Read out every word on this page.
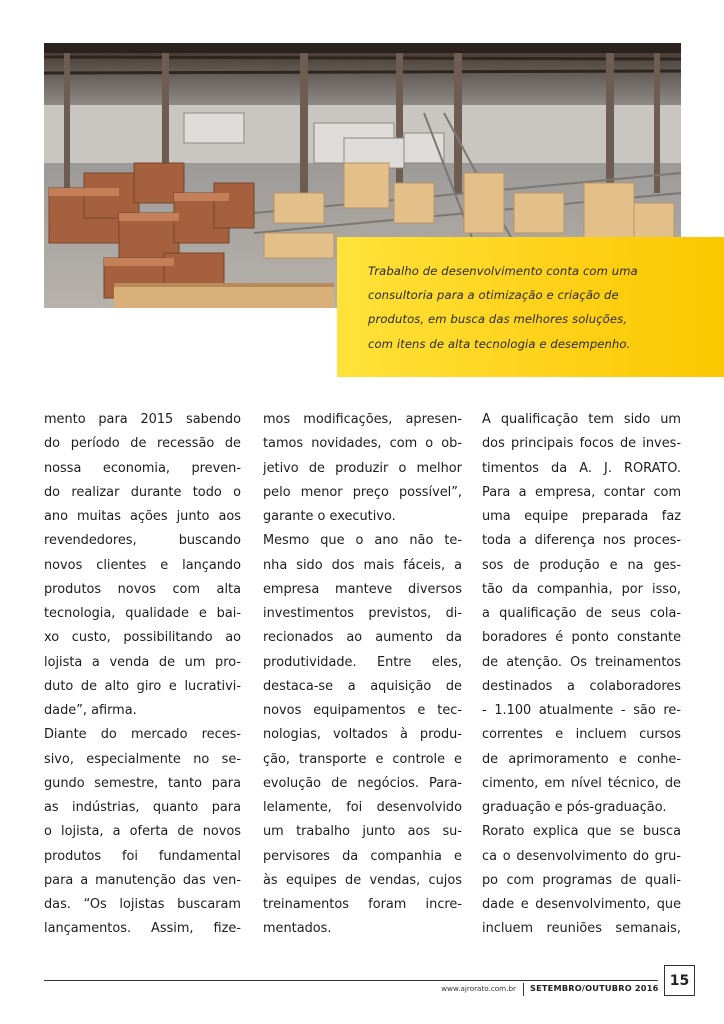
Trabalho de desenvolvimento conta com uma
consultoria para a otimização e criação de
produtos, em busca das melhores soluções,
com itens de alta tecnologia e desempenho.

mento para 2015 sabendo
do período de recessão de
nossa economia, preven-
do realizar durante todo o
ano muitas ações junto aos
revendedores, buscando
novos clientes e lançando
produtos novos com alta
tecnologia, qualidade e bai-
xo custo, possibilitando ao
lojista a venda de um pro-
duto de alto giro e lucrativi-
dade”, afirma.
Diante do mercado reces-
sivo, especialmente no se-
gundo semestre, tanto para
as indústrias, quanto para
o lojista, a oferta de novos
produtos foi fundamental
para a manutenção das ven-
das. “Os lojistas buscaram
lançamentos. Assim, fize-
mos modificações, apresen-
tamos novidades, com o ob-
jetivo de produzir o melhor
pelo menor preço possível”,
garante o executivo.
Mesmo que o ano não te-
nha sido dos mais fáceis, a
empresa manteve diversos
investimentos previstos, di-
recionados ao aumento da
produtividade. Entre eles,
destaca-se a aquisição de
novos equipamentos e tec-
nologias, voltados à produ-
ção, transporte e controle e
evolução de negócios. Para-
lelamente, foi desenvolvido
um trabalho junto aos su-
pervisores da companhia e
às equipes de vendas, cujos
treinamentos foram incre-
mentados.
A qualificação tem sido um
dos principais focos de inves-
timentos da A. J. RORATO.
Para a empresa, contar com
uma equipe preparada faz
toda a diferença nos proces-
sos de produção e na ges-
tão da companhia, por isso,
a qualificação de seus cola-
boradores é ponto constante
de atenção. Os treinamentos
destinados a colaboradores
- 1.100 atualmente - são re-
correntes e incluem cursos
de aprimoramento e conhe-
cimento, em nível técnico, de
graduação e pós-graduação.
Rorato explica que se busca
ca o desenvolvimento do gru-
po com programas de quali-
dade e desenvolvimento, que
incluem reuniões semanais,
www.ajrorato.com.br SETEMBRO/OUTUBRO 2016 15
